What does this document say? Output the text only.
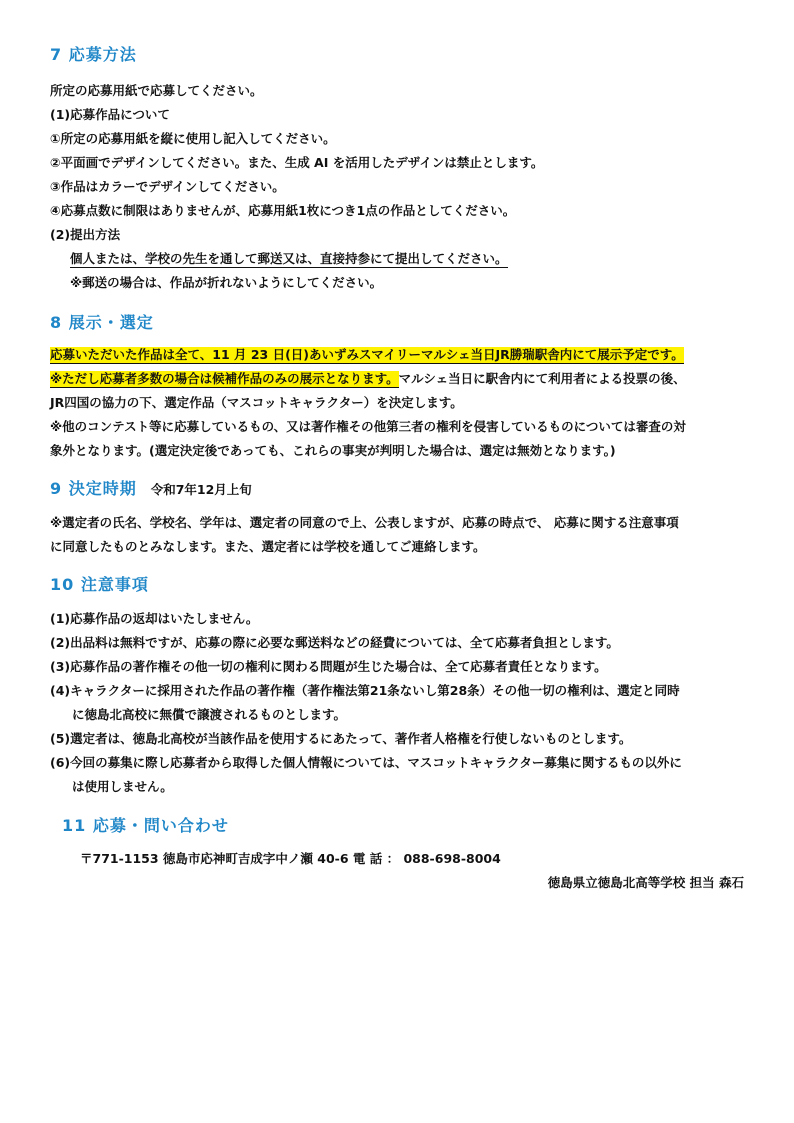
7 応募方法
所定の応募用紙で応募してください。
(1)応募作品について
①所定の応募用紙を縦に使用し記入してください。
②平面画でデザインしてください。また、生成 AI を活用したデザインは禁止とします。
③作品はカラーでデザインしてください。
④応募点数に制限はありませんが、応募用紙1枚につき1点の作品としてください。
(2)提出方法
個人または、学校の先生を通して郵送又は、直接持参にて提出してください。
※郵送の場合は、作品が折れないようにしてください。
8 展示・選定
応募いただいた作品は全て、11 月 23 日(日)あいずみスマイリーマルシェ当日JR勝瑞駅舎内にて展示予定です。
※ただし応募者多数の場合は候補作品のみの展示となります。マルシェ当日に駅舎内にて利用者による投票の後、
JR四国の協力の下、選定作品（マスコットキャラクター）を決定します。
※他のコンテスト等に応募しているもの、又は著作権その他第三者の権利を侵害しているものについては審査の対
象外となります。(選定決定後であっても、これらの事実が判明した場合は、選定は無効となります。)
9 決定時期 令和7年12月上旬
※選定者の氏名、学校名、学年は、選定者の同意ので上、公表しますが、応募の時点で、 応募に関する注意事項
に同意したものとみなします。また、選定者には学校を通してご連絡します。
10 注意事項
(1)応募作品の返却はいたしません。
(2)出品料は無料ですが、応募の際に必要な郵送料などの経費については、全て応募者負担とします。
(3)応募作品の著作権その他一切の権利に関わる問題が生じた場合は、全て応募者責任となります。
(4)キャラクターに採用された作品の著作権（著作権法第21条ないし第28条）その他一切の権利は、選定と同時
に徳島北高校に無償で譲渡されるものとします。
(5)選定者は、徳島北高校が当該作品を使用するにあたって、著作者人格権を行使しないものとします。
(6)今回の募集に際し応募者から取得した個人情報については、マスコットキャラクター募集に関するもの以外に
は使用しません。
11 応募・問い合わせ
〒771-1153 徳島市応神町吉成字中ノ瀬 40-6 電 話 ： 088-698-8004
徳島県立徳島北高等学校 担当 森石
